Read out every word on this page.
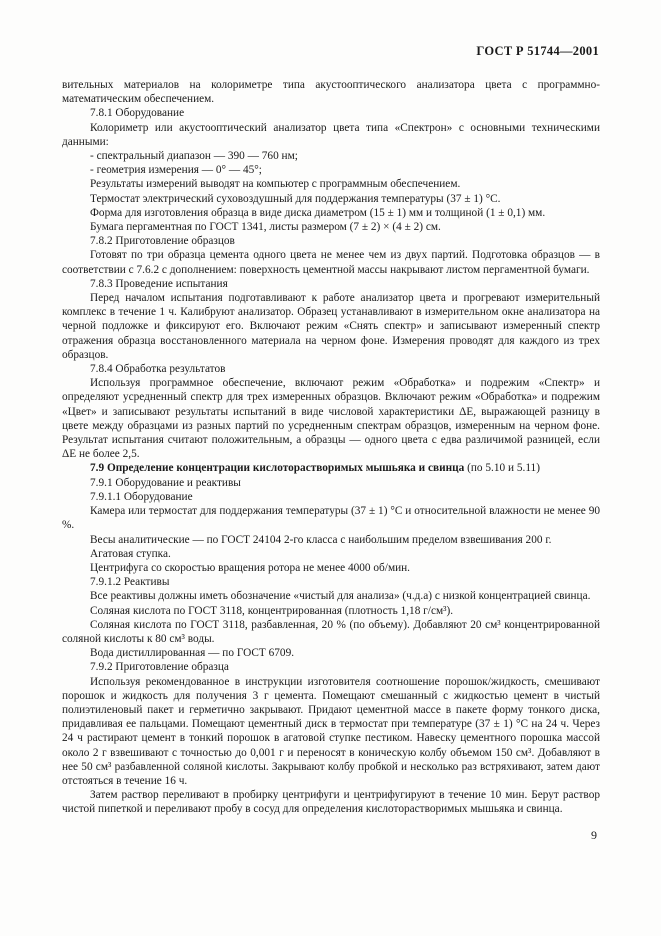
ГОСТ Р 51744—2001

вительных материалов на колориметре типа акустооптического анализатора цвета с программно-математическим обеспечением.

7.8.1 Оборудование

Колориметр или акустооптический анализатор цвета типа «Спектрон» с основными техническими данными:

- спектральный диапазон — 390 — 760 нм;

- геометрия измерения — 0° — 45°;

Результаты измерений выводят на компьютер с программным обеспечением.

Термостат электрический суховоздушный для поддержания температуры (37 ± 1) °С.

Форма для изготовления образца в виде диска диаметром (15 ± 1) мм и толщиной (1 ± 0,1) мм.

Бумага пергаментная по ГОСТ 1341, листы размером (7 ± 2) × (4 ± 2) см.

7.8.2 Приготовление образцов

Готовят по три образца цемента одного цвета не менее чем из двух партий. Подготовка образцов — в соответствии с 7.6.2 с дополнением: поверхность цементной массы накрывают листом пергаментной бумаги.

7.8.3 Проведение испытания

Перед началом испытания подготавливают к работе анализатор цвета и прогревают измерительный комплекс в течение 1 ч. Калибруют анализатор. Образец устанавливают в измерительном окне анализатора на черной подложке и фиксируют его. Включают режим «Снять спектр» и записывают измеренный спектр отражения образца восстановленного материала на черном фоне. Измерения проводят для каждого из трех образцов.

7.8.4 Обработка результатов

Используя программное обеспечение, включают режим «Обработка» и подрежим «Спектр» и определяют усредненный спектр для трех измеренных образцов. Включают режим «Обработка» и подрежим «Цвет» и записывают результаты испытаний в виде числовой характеристики ΔE, выражающей разницу в цвете между образцами из разных партий по усредненным спектрам образцов, измеренным на черном фоне. Результат испытания считают положительным, а образцы — одного цвета с едва различимой разницей, если ΔE не более 2,5.

7.9 Определение концентрации кислоторастворимых мышьяка и свинца (по 5.10 и 5.11)

7.9.1 Оборудование и реактивы

7.9.1.1 Оборудование

Камера или термостат для поддержания температуры (37 ± 1) °С и относительной влажности не менее 90 %.

Весы аналитические — по ГОСТ 24104 2-го класса с наибольшим пределом взвешивания 200 г.

Агатовая ступка.

Центрифуга со скоростью вращения ротора не менее 4000 об/мин.

7.9.1.2 Реактивы

Все реактивы должны иметь обозначение «чистый для анализа» (ч.д.а) с низкой концентрацией свинца.

Соляная кислота по ГОСТ 3118, концентрированная (плотность 1,18 г/см³).

Соляная кислота по ГОСТ 3118, разбавленная, 20 % (по объему). Добавляют 20 см³ концентрированной соляной кислоты к 80 см³ воды.

Вода дистиллированная — по ГОСТ 6709.

7.9.2 Приготовление образца

Используя рекомендованное в инструкции изготовителя соотношение порошок/жидкость, смешивают порошок и жидкость для получения 3 г цемента. Помещают смешанный с жидкостью цемент в чистый полиэтиленовый пакет и герметично закрывают. Придают цементной массе в пакете форму тонкого диска, придавливая ее пальцами. Помещают цементный диск в термостат при температуре (37 ± 1) °С на 24 ч. Через 24 ч растирают цемент в тонкий порошок в агатовой ступке пестиком. Навеску цементного порошка массой около 2 г взвешивают с точностью до 0,001 г и переносят в коническую колбу объемом 150 см³. Добавляют в нее 50 см³ разбавленной соляной кислоты. Закрывают колбу пробкой и несколько раз встряхивают, затем дают отстояться в течение 16 ч.

Затем раствор переливают в пробирку центрифуги и центрифугируют в течение 10 мин. Берут раствор чистой пипеткой и переливают пробу в сосуд для определения кислоторастворимых мышьяка и свинца.

9
